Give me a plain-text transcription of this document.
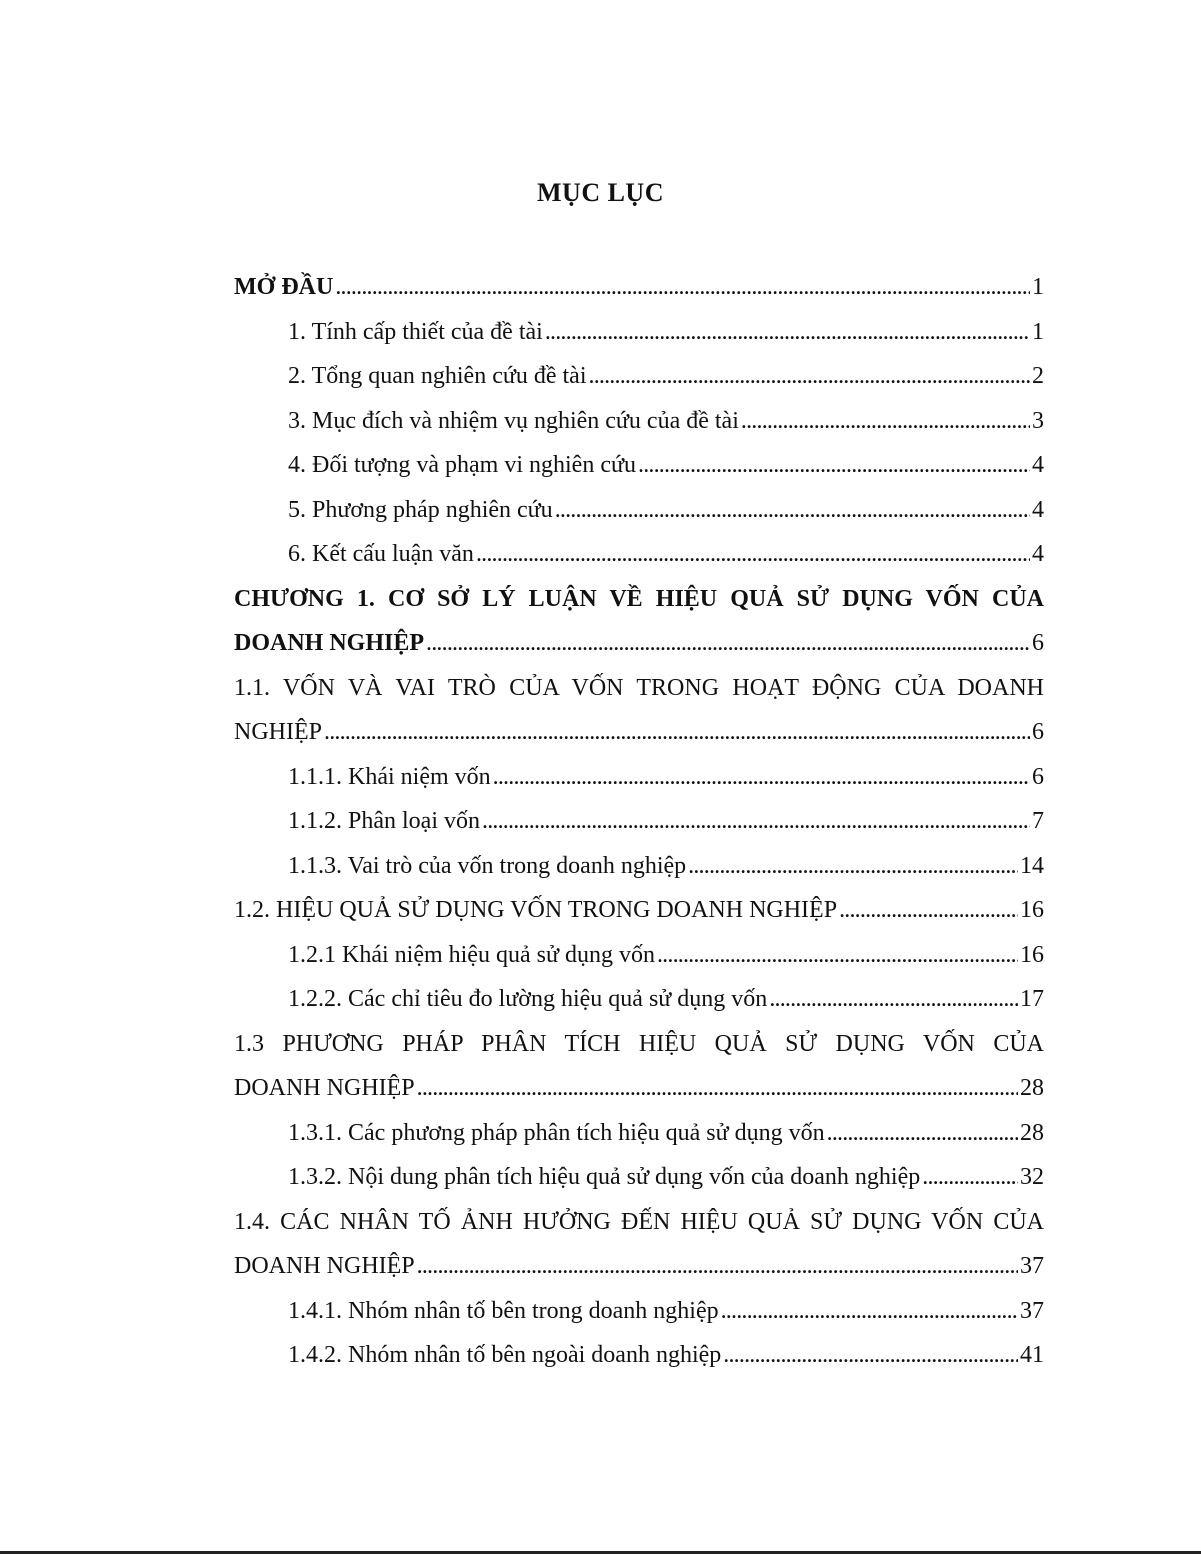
MỤC LỤC
MỞ ĐẦU . . .	1
1. Tính cấp thiết của đề tài . . .	1
2. Tổng quan nghiên cứu đề tài . . .	2
3. Mục đích và nhiệm vụ nghiên cứu của đề tài . . .	3
4. Đối tượng và phạm vi nghiên cứu . . .	4
5. Phương pháp nghiên cứu . . .	4
6. Kết cấu luận văn . . .	4
CHƯƠNG 1. CƠ SỞ LÝ LUẬN VỀ HIỆU QUẢ SỬ DỤNG VỐN CỦA
DOANH NGHIỆP . . .	6
1.1. VỐN VÀ VAI TRÒ CỦA VỐN TRONG HOẠT ĐỘNG CỦA DOANH
NGHIỆP . . .	6
1.1.1. Khái niệm vốn . . .	6
1.1.2. Phân loại vốn . . .	7
1.1.3. Vai trò của vốn trong doanh nghiệp . . .	14
1.2. HIỆU QUẢ SỬ DỤNG VỐN TRONG DOANH NGHIỆP . . .	16
1.2.1 Khái niệm hiệu quả sử dụng vốn . . .	16
1.2.2. Các chỉ tiêu đo lường hiệu quả sử dụng vốn . . .	17
1.3 PHƯƠNG PHÁP PHÂN TÍCH HIỆU QUẢ SỬ DỤNG VỐN CỦA
DOANH NGHIỆP . . .	28
1.3.1. Các phương pháp phân tích hiệu quả sử dụng vốn . . .	28
1.3.2. Nội dung phân tích hiệu quả sử dụng vốn của doanh nghiệp . . .	32
1.4. CÁC NHÂN TỐ ẢNH HƯỞNG ĐẾN HIỆU QUẢ SỬ DỤNG VỐN CỦA
DOANH NGHIỆP . . .	37
1.4.1. Nhóm nhân tố bên trong doanh nghiệp . . .	37
1.4.2. Nhóm nhân tố bên ngoài doanh nghiệp . . .	41
